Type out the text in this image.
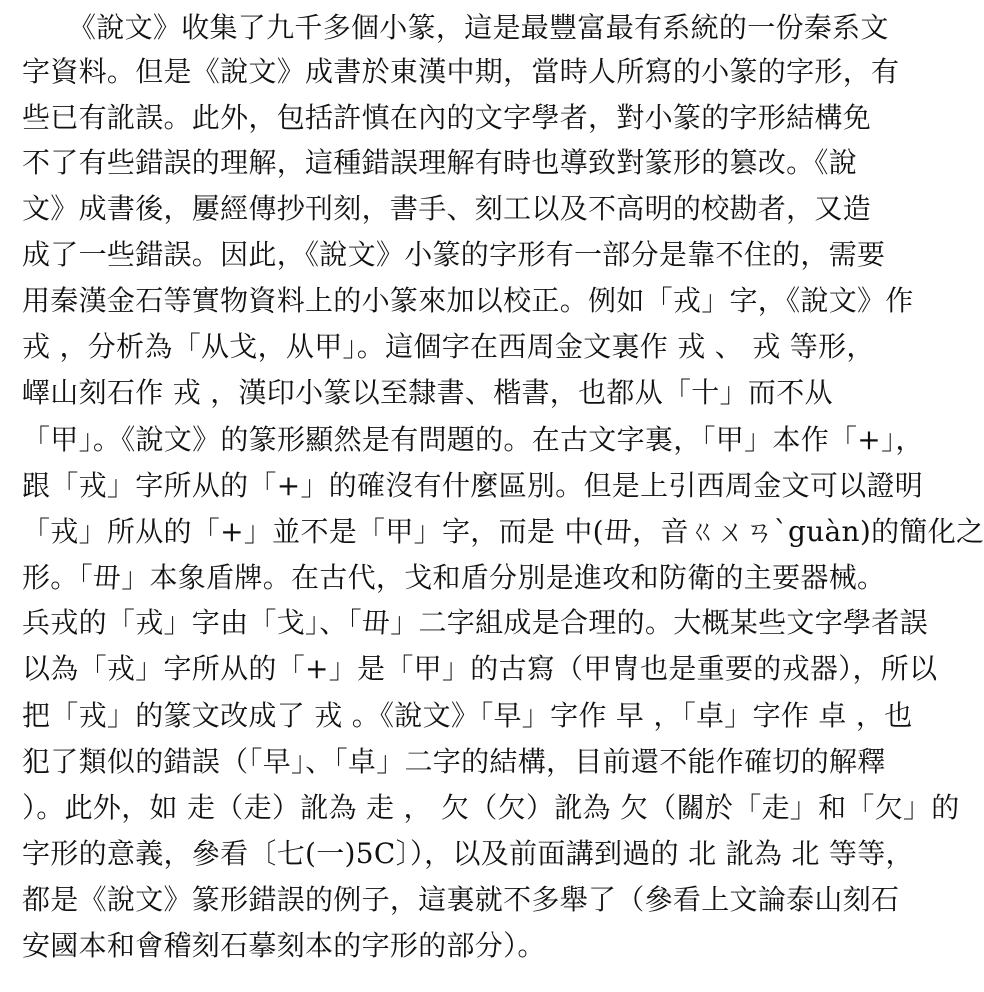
《說文》收集了九千多個小篆，這是最豐富最有系統的一份秦系文
字資料。但是《說文》成書於東漢中期，當時人所寫的小篆的字形，有
些已有訛誤。此外，包括許慎在內的文字學者，對小篆的字形結構免
不了有些錯誤的理解，這種錯誤理解有時也導致對篆形的篡改。《說
文》成書後，屢經傳抄刊刻，書手、刻工以及不高明的校勘者，又造
成了一些錯誤。因此，《說文》小篆的字形有一部分是靠不住的，需要
用秦漢金石等實物資料上的小篆來加以校正。例如「戎」字，《說文》作
戎 ，分析為「从戈，从甲」。這個字在西周金文裏作 戎 、 戎 等形，
嶧山刻石作 戎 ，漢印小篆以至隸書、楷書，也都从「十」而不从
「甲」。《說文》的篆形顯然是有問題的。在古文字裏，「甲」本作「+」，
跟「戎」字所从的「+」的確沒有什麼區別。但是上引西周金文可以證明
「戎」所从的「+」並不是「甲」字，而是 中(毌，音ㄍㄨㄢˋguàn)的簡化之
形。「毌」本象盾牌。在古代，戈和盾分別是進攻和防衛的主要器械。
兵戎的「戎」字由「戈」、「毌」二字組成是合理的。大概某些文字學者誤
以為「戎」字所从的「+」是「甲」的古寫（甲冑也是重要的戎器），所以
把「戎」的篆文改成了 戎 。《說文》「早」字作 早 ，「卓」字作 卓 ，也
犯了類似的錯誤（「早」、「卓」二字的結構，目前還不能作確切的解釋
）。此外，如 走（走）訛為 走 ， 欠（欠）訛為 欠（關於「走」和「欠」的
字形的意義，參看〔七(一)5C〕），以及前面講到過的 北 訛為 北 等等，
都是《說文》篆形錯誤的例子，這裏就不多舉了（參看上文論泰山刻石
安國本和會稽刻石摹刻本的字形的部分）。
